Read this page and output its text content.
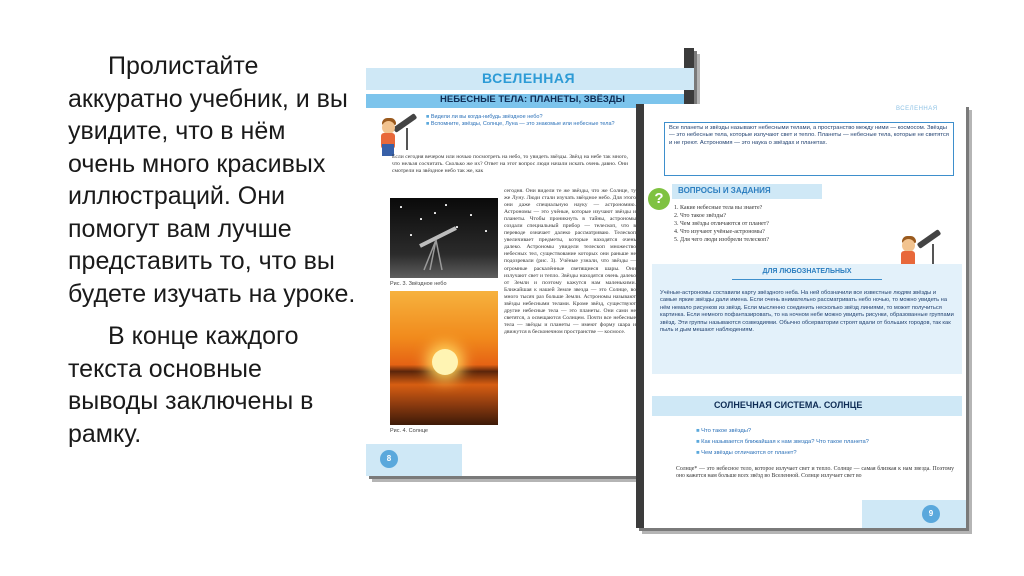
Пролистайте аккуратно учебник, и вы увидите, что в нём очень много красивых иллюстраций. Они помогут вам лучше представить то, что вы будете изучать на уроке.

В конце каждого текста основные выводы заключены в рамку.

ВСЕЛЕННАЯ
НЕБЕСНЫЕ ТЕЛА: ПЛАНЕТЫ, ЗВЁЗДЫ
■ Видели ли вы когда-нибудь звёздное небо?
■ Вспомните, звёзды, Солнце, Луна — это знакомые или небесные тела?
Если сегодня вечером или ночью посмотреть на небо, то увидеть звёзды. Звёзд на небе так много, что нельзя сосчитать. Сколько же их? Ответ на этот вопрос люди начали искать очень давно. Они смотрели на звёздное небо так же, как
Рис. 3. Звёздное небо
Рис. 4. Солнце
сегодня. Они видели те же звёзды, что же Солнце, ту же Луну. Люди стали изучать звёздное небо. Для этого они даже специальную науку — астрономию. Астрономы — это учёные, которые изучают звёзды и планеты. Чтобы проникнуть в тайны, астрономы создали специальный прибор — телескоп, что в переводе означает далеко рассматриваю. Телескоп увеличивает предметы, которые находятся очень далеко. Астрономы увидели телескоп множество небесных тел, существование которых они раньше не подозревали (рис. 3). Учёные узнали, что звёзды — огромные раскалённые светящиеся шары. Они излучают свет и тепло. Звёзды находятся очень далеко от Земли и поэтому кажутся нам маленькими. Ближайшая к нашей Земле звезда — это Солнце, во много тысяч раз больше Земли. Астрономы называют звёзды небесными телами. Кроме звёзд, существуют другие небесные тела — это планеты. Они сами не светятся, а освещаются Солнцем. Почти все небесные тела — звёзды и планеты — имеют форму шара и движутся в бесконечном пространстве — космосе.
8
ВСЕЛЕННАЯ
Все планеты и звёзды называют небесными телами, а пространство между ними — космосом. Звёзды — это небесные тела, которые излучают свет и тепло. Планеты — небесные тела, которые не светятся и не греют. Астрономия — это наука о звёздах и планетах.
ВОПРОСЫ И ЗАДАНИЯ
?
1. Какие небесные тела вы знаете?
2. Что такое звёзды?
3. Чем звёзды отличаются от планет?
4. Что изучают учёные-астрономы?
5. Для чего люди изобрели телескоп?
ДЛЯ ЛЮБОЗНАТЕЛЬНЫХ
Учёные-астрономы составили карту звёздного неба. На ней обозначили все известные людям звёзды и самые яркие звёзды дали имена. Если очень внимательно рассматривать небо ночью, то можно увидеть на нём немало рисунков из звёзд. Если мысленно соединить несколько звёзд линиями, то может получиться картинка. Если немного пофантазировать, то на ночном небе можно увидеть рисунки, образованные группами звёзд. Эти группы называются созвездиями. Обычно обсерватории строят вдали от больших городов, так как пыль и дым мешают наблюдениям.
СОЛНЕЧНАЯ СИСТЕМА. СОЛНЦЕ
■ Что такое звёзды?
■ Как называется ближайшая к нам звезда? Что такое планета?
■ Чем звёзды отличаются от планет?
Солнце* — это небесное тело, которое излучает свет и тепло. Солнце — самая близкая к нам звезда. Поэтому оно кажется нам больше всех звёзд во Вселенной. Солнце излучает свет во
9
